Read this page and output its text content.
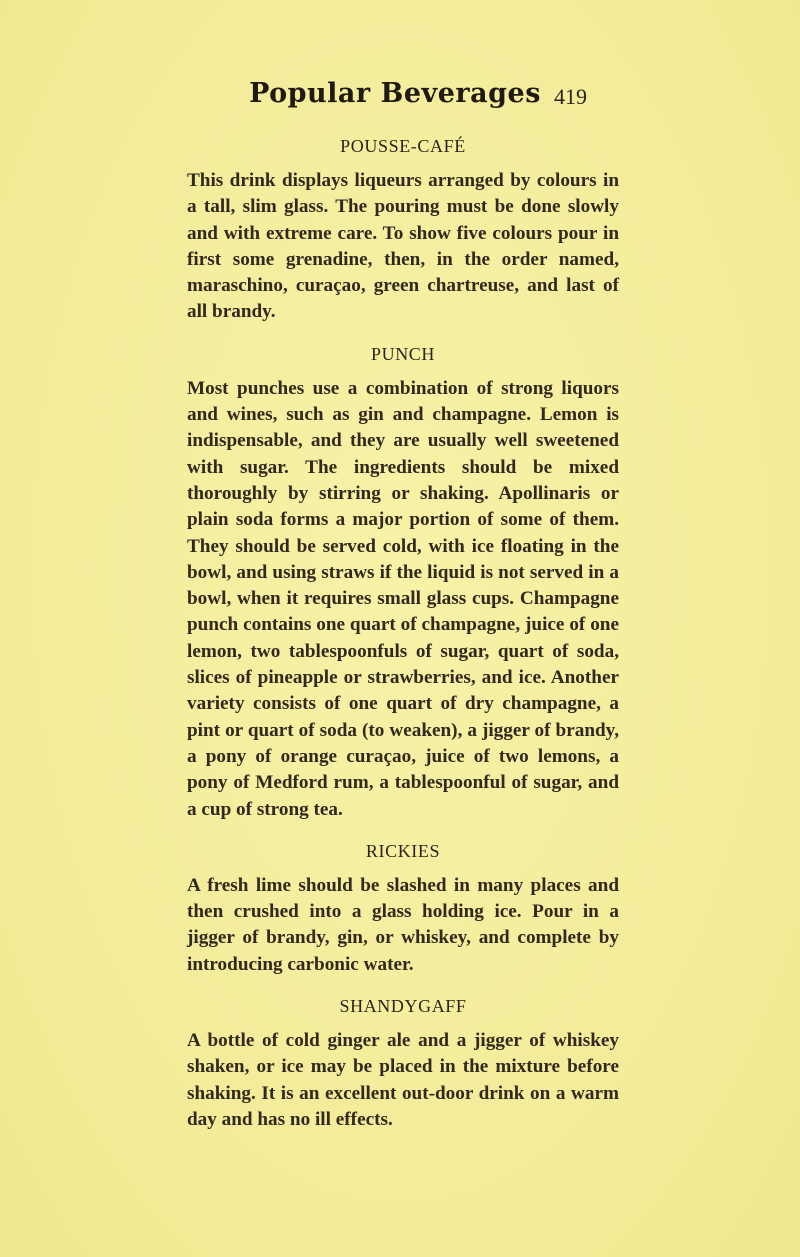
Popular Beverages 419
POUSSE-CAFÉ

This drink displays liqueurs arranged by colours in a tall, slim glass. The pouring must be done slowly and with extreme care. To show five colours pour in first some grenadine, then, in the order named, maraschino, curaçao, green chartreuse, and last of all brandy.

PUNCH

Most punches use a combination of strong liquors and wines, such as gin and champagne. Lemon is indispensable, and they are usually well sweetened with sugar. The ingredients should be mixed thoroughly by stirring or shaking. Apollinaris or plain soda forms a major portion of some of them. They should be served cold, with ice floating in the bowl, and using straws if the liquid is not served in a bowl, when it requires small glass cups. Champagne punch contains one quart of champagne, juice of one lemon, two tablespoonfuls of sugar, quart of soda, slices of pineapple or strawberries, and ice. Another variety consists of one quart of dry champagne, a pint or quart of soda (to weaken), a jigger of brandy, a pony of orange curaçao, juice of two lemons, a pony of Medford rum, a tablespoonful of sugar, and a cup of strong tea.

RICKIES

A fresh lime should be slashed in many places and then crushed into a glass holding ice. Pour in a jigger of brandy, gin, or whiskey, and complete by introducing carbonic water.

SHANDYGAFF

A bottle of cold ginger ale and a jigger of whiskey shaken, or ice may be placed in the mixture before shaking. It is an excellent out-door drink on a warm day and has no ill effects.
